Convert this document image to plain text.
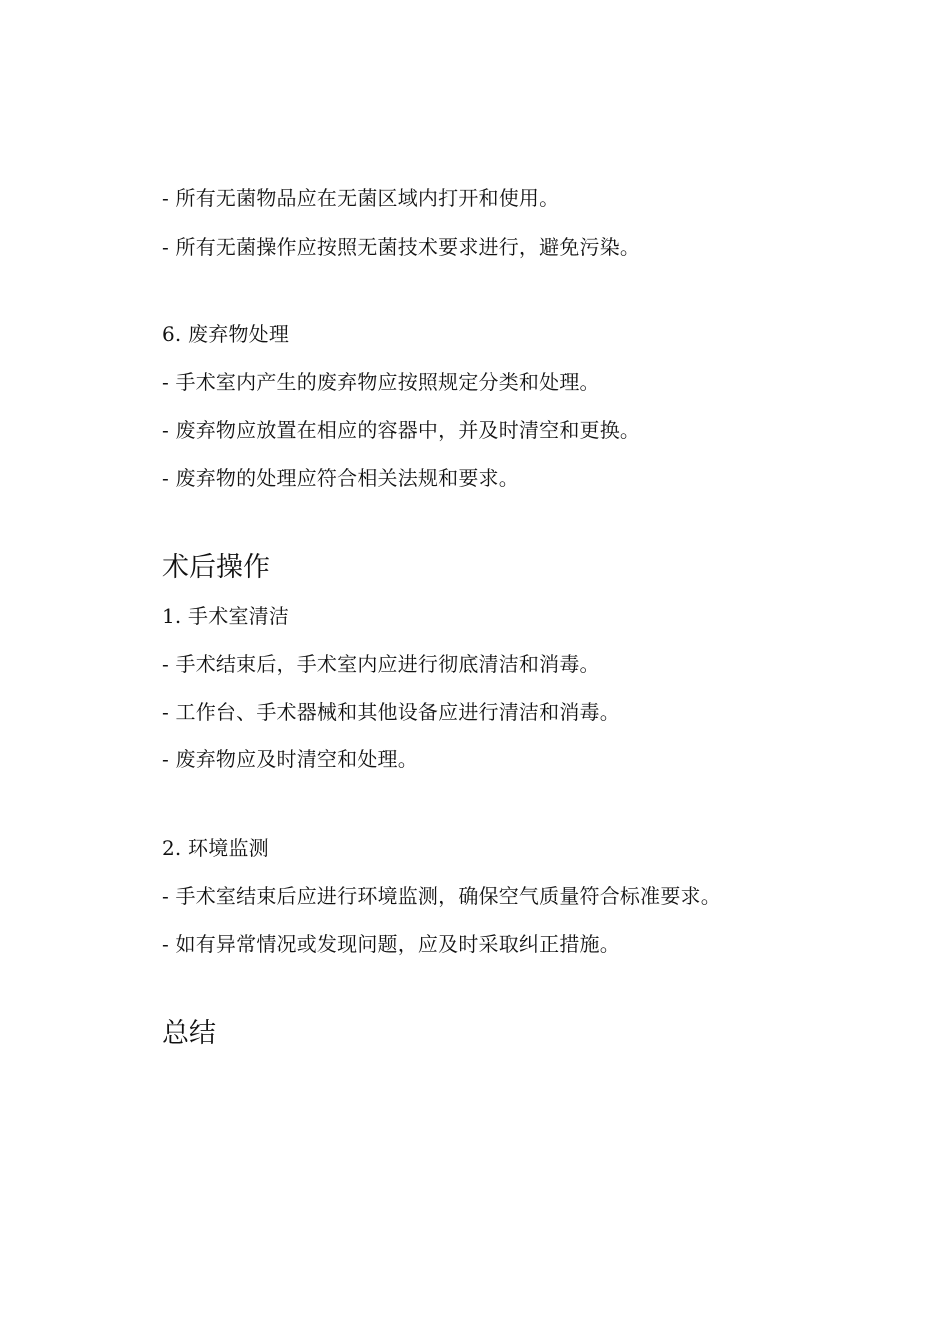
- 所有无菌物品应在无菌区域内打开和使用。
- 所有无菌操作应按照无菌技术要求进行，避免污染。
6. 废弃物处理
- 手术室内产生的废弃物应按照规定分类和处理。
- 废弃物应放置在相应的容器中，并及时清空和更换。
- 废弃物的处理应符合相关法规和要求。
术后操作
1. 手术室清洁
- 手术结束后，手术室内应进行彻底清洁和消毒。
- 工作台、手术器械和其他设备应进行清洁和消毒。
- 废弃物应及时清空和处理。
2. 环境监测
- 手术室结束后应进行环境监测，确保空气质量符合标准要求。
- 如有异常情况或发现问题，应及时采取纠正措施。
总结
